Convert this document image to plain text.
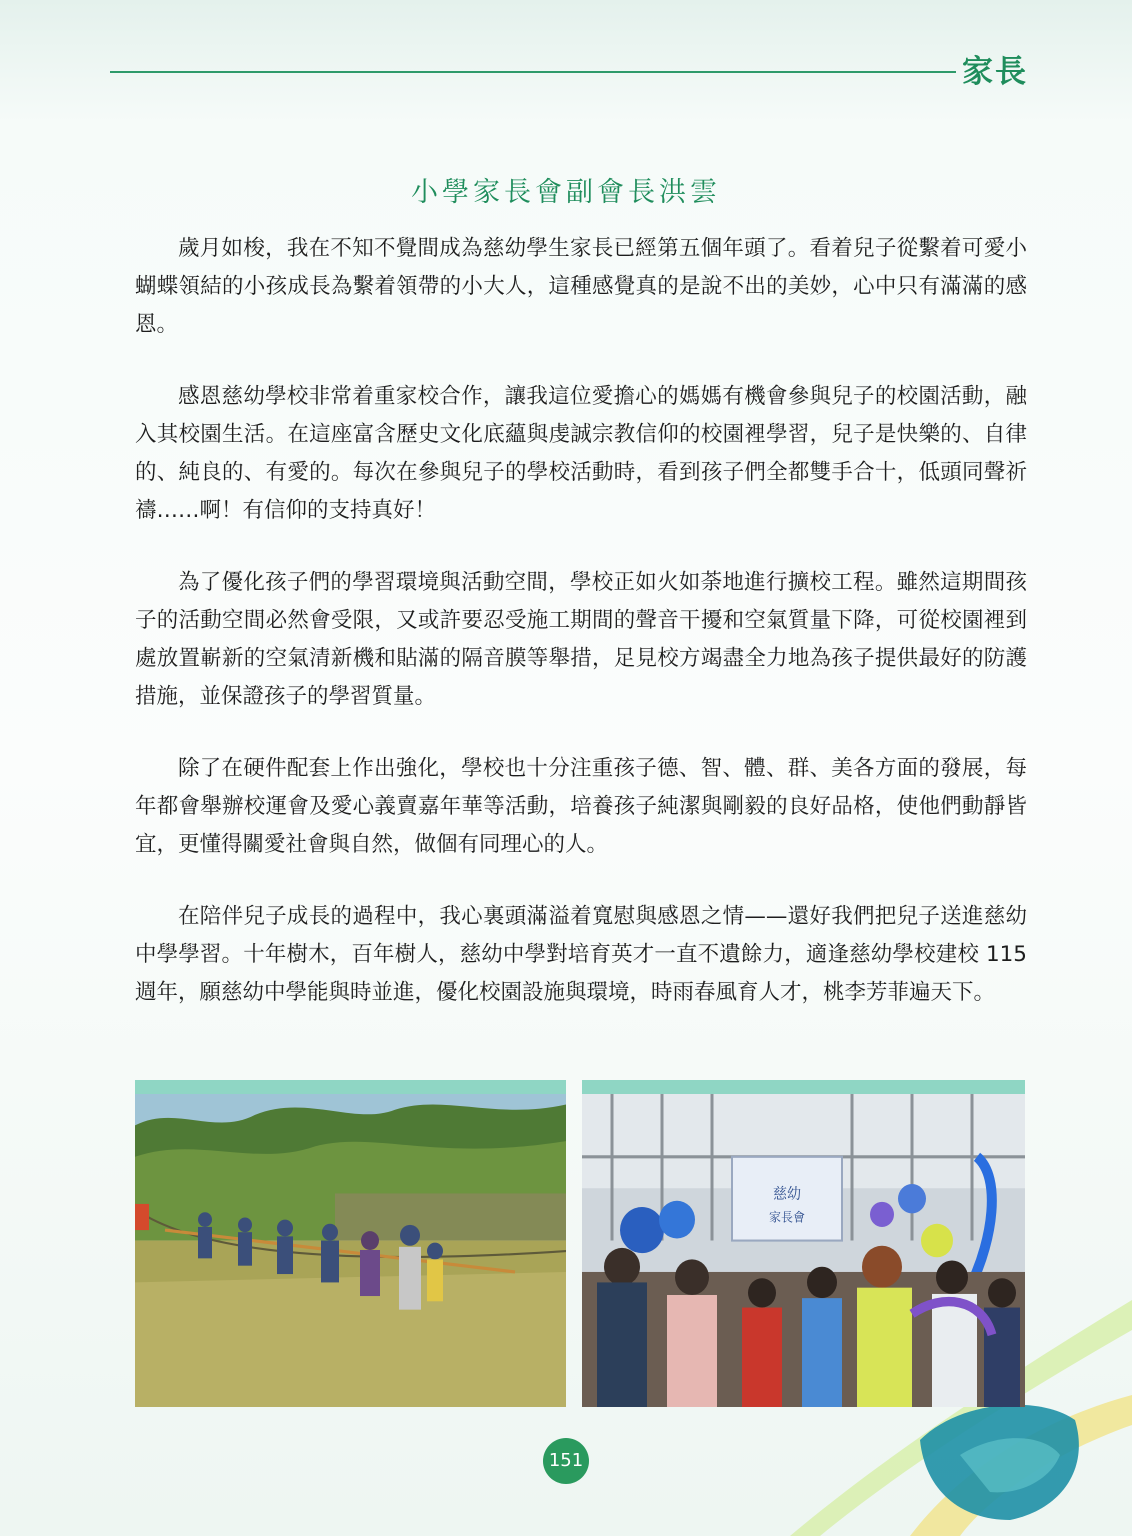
家長
小學家長會副會長洪雲

歲月如梭，我在不知不覺間成為慈幼學生家長已經第五個年頭了。看着兒子從繫着可愛小蝴蝶領結的小孩成長為繫着領帶的小大人，這種感覺真的是說不出的美妙，心中只有滿滿的感恩。

感恩慈幼學校非常着重家校合作，讓我這位愛擔心的媽媽有機會參與兒子的校園活動，融入其校園生活。在這座富含歷史文化底蘊與虔誠宗教信仰的校園裡學習，兒子是快樂的、自律的、純良的、有愛的。每次在參與兒子的學校活動時，看到孩子們全都雙手合十，低頭同聲祈禱……啊！有信仰的支持真好！

為了優化孩子們的學習環境與活動空間，學校正如火如荼地進行擴校工程。雖然這期間孩子的活動空間必然會受限，又或許要忍受施工期間的聲音干擾和空氣質量下降，可從校園裡到處放置嶄新的空氣清新機和貼滿的隔音膜等舉措，足見校方竭盡全力地為孩子提供最好的防護措施，並保證孩子的學習質量。

除了在硬件配套上作出強化，學校也十分注重孩子德、智、體、群、美各方面的發展，每年都會舉辦校運會及愛心義賣嘉年華等活動，培養孩子純潔與剛毅的良好品格，使他們動靜皆宜，更懂得關愛社會與自然，做個有同理心的人。

在陪伴兒子成長的過程中，我心裏頭滿溢着寬慰與感恩之情——還好我們把兒子送進慈幼中學學習。十年樹木，百年樹人，慈幼中學對培育英才一直不遺餘力，適逢慈幼學校建校 115 週年，願慈幼中學能與時並進，優化校園設施與環境，時雨春風育人才，桃李芳菲遍天下。

慈幼
家長會
151
